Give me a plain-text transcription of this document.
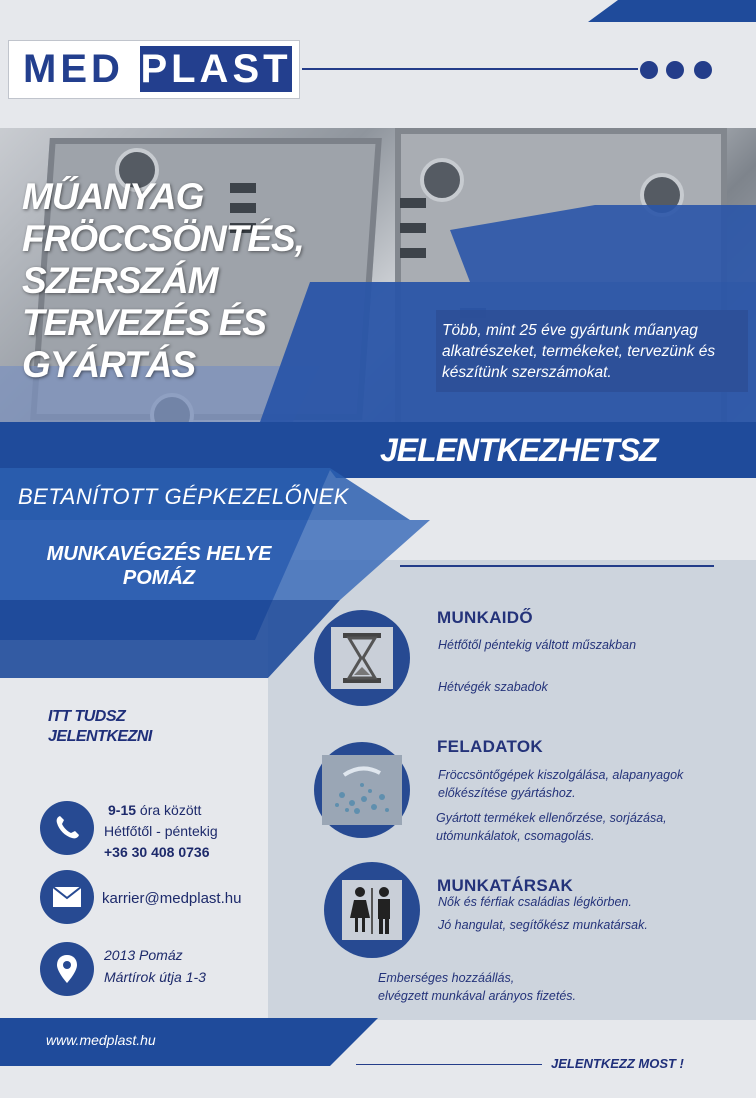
MED PLAST
MŰANYAG FRÖCCSÖNTÉS, SZERSZÁM TERVEZÉS ÉS GYÁRTÁS
Több, mint 25 éve gyártunk műanyag alkatrészeket, termékeket, tervezünk és készítünk szerszámokat.
JELENTKEZHETSZ
BETANÍTOTT GÉPKEZELŐNEK
MUNKAVÉGZÉS HELYE
POMÁZ
MUNKAIDŐ
Hétfőtől péntekig váltott műszakban
Hétvégék szabadok
FELADATOK
Fröccsöntőgépek kiszolgálása, alapanyagok előkészítése gyártáshoz.
Gyártott termékek ellenőrzése, sorjázása, utómunkálatok, csomagolás.
MUNKATÁRSAK
Nők és férfiak családias légkörben.
Jó hangulat, segítőkész munkatársak.
Emberséges hozzáállás,
elvégzett munkával arányos fizetés.
ITT TUDSZ
JELENTKEZNI
9-15 óra között
Hétfőtől - péntekig
+36 30 408 0736
karrier@medplast.hu
2013 Pomáz
Mártírok útja 1-3
www.medplast.hu
JELENTKEZZ MOST !
